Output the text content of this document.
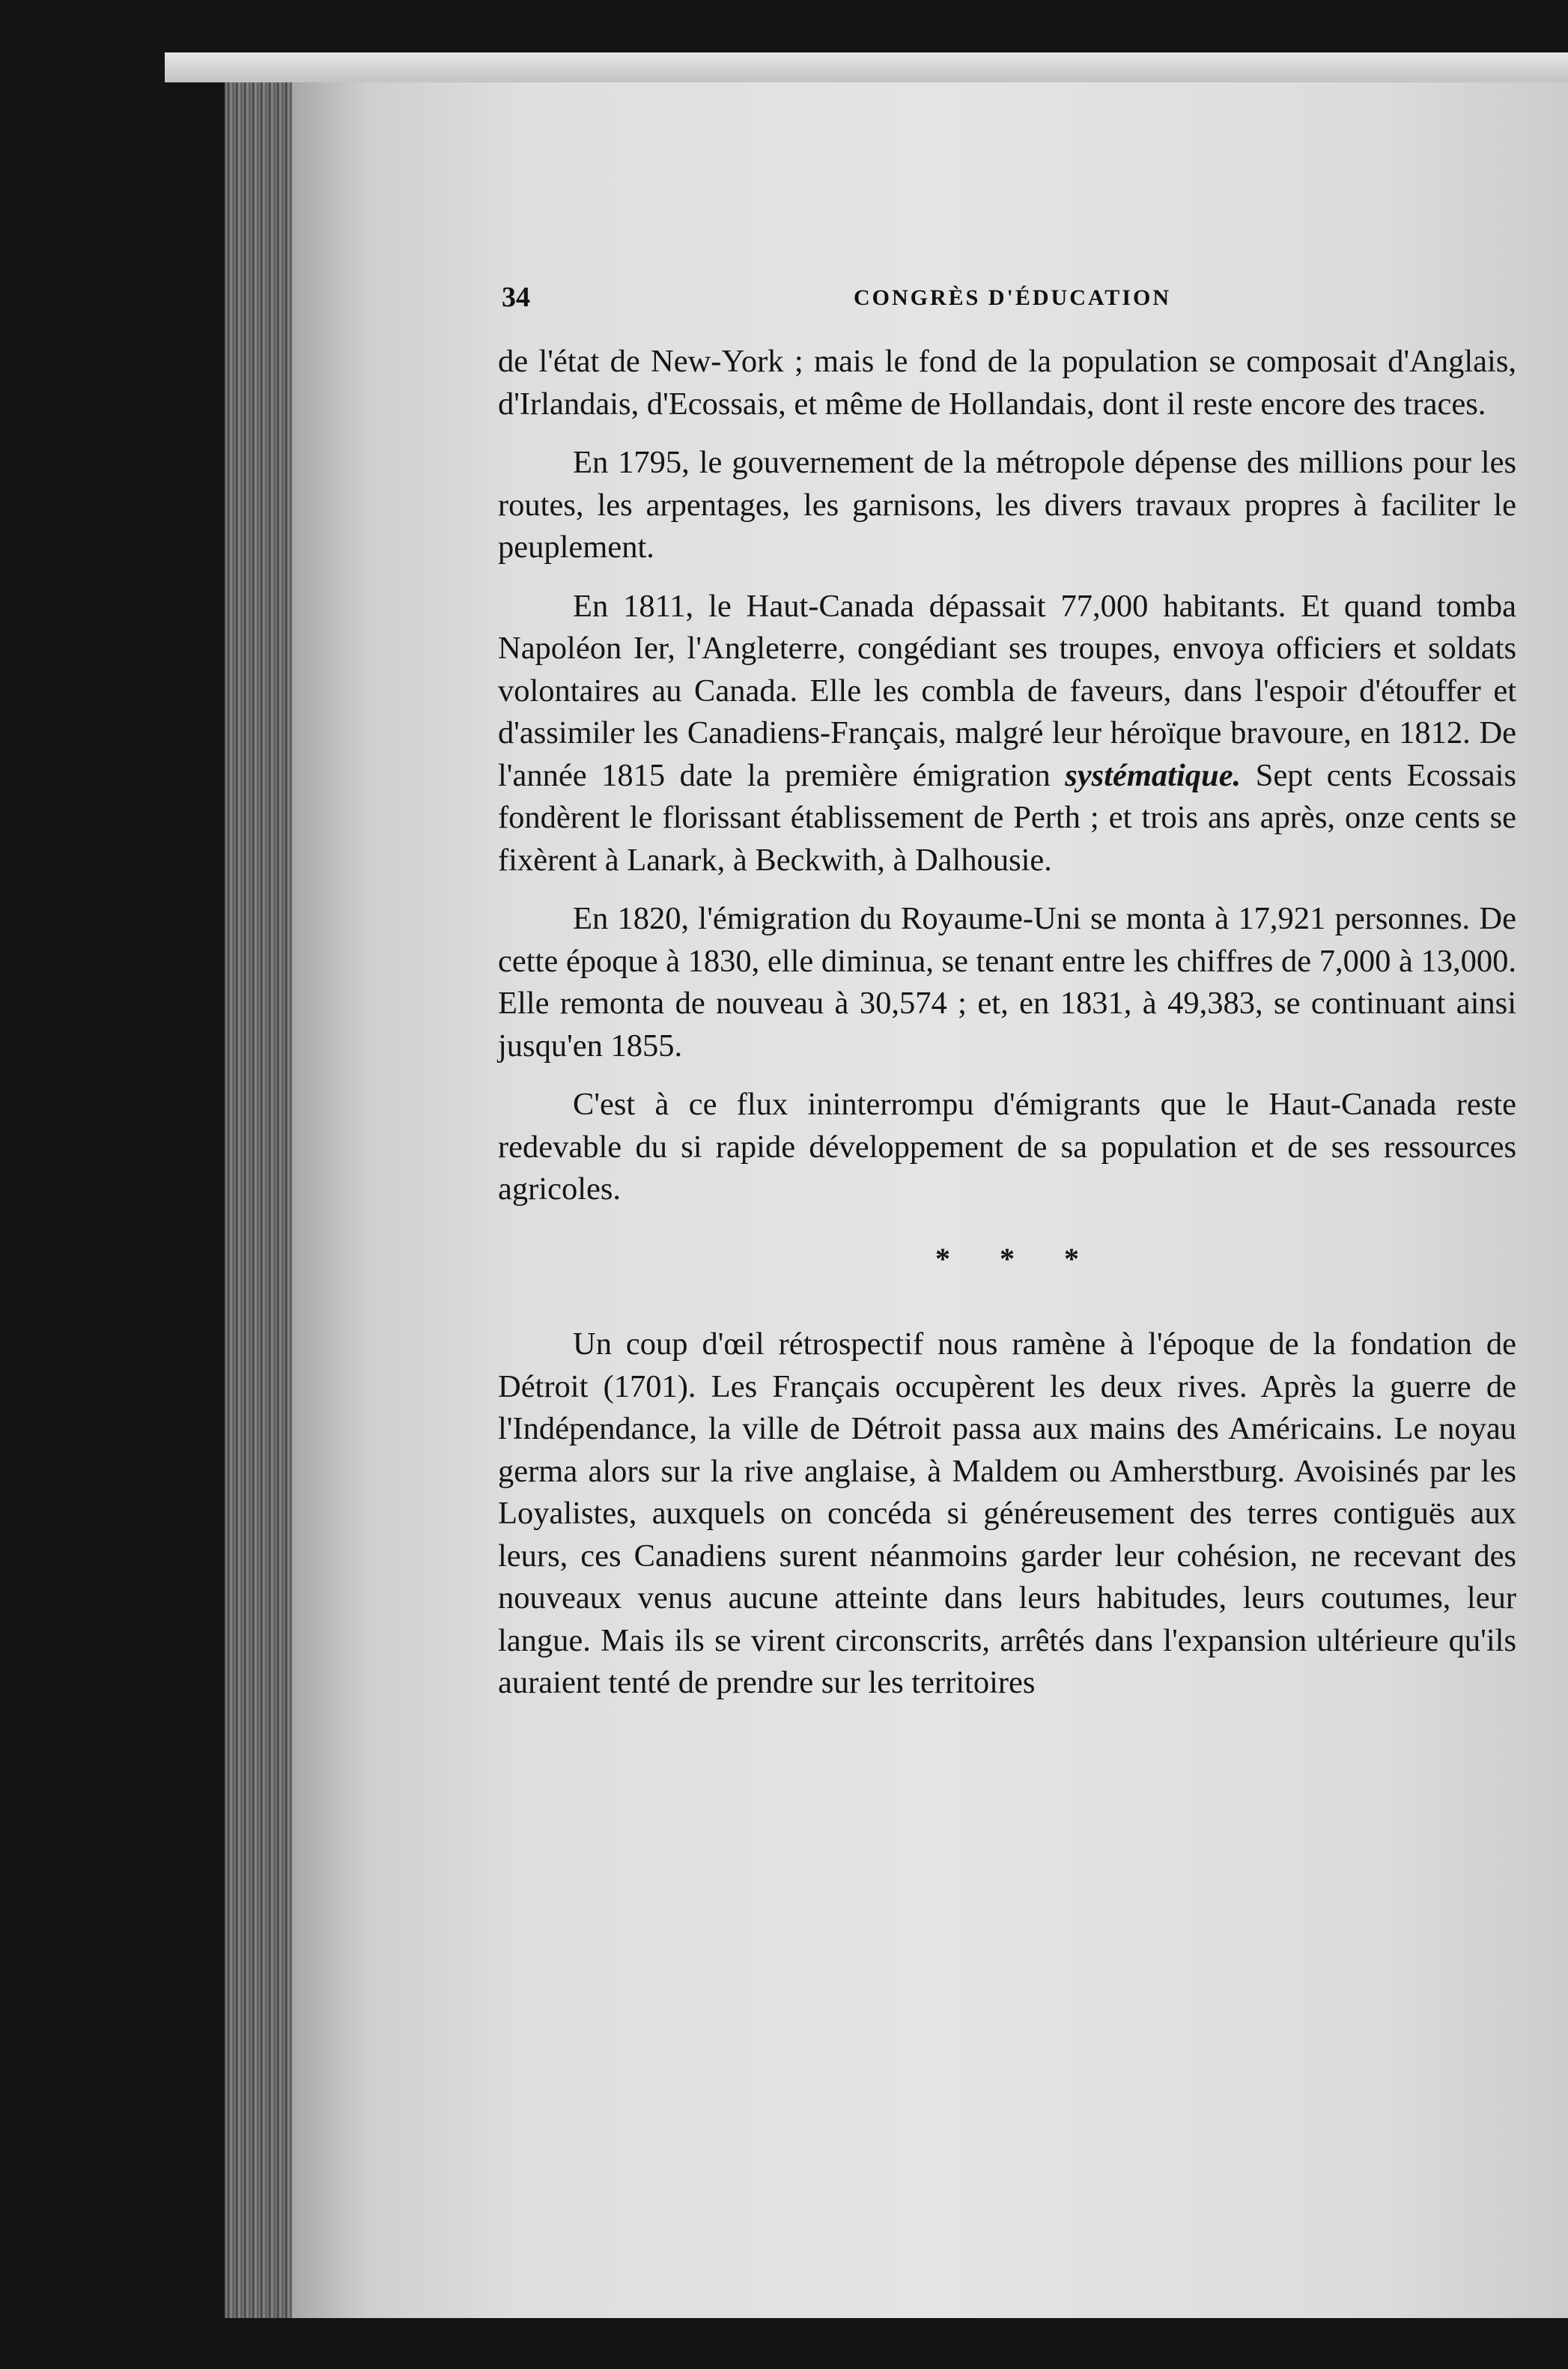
34	CONGRÈS D'ÉDUCATION

de l'état de New-York ; mais le fond de la population se composait d'Anglais, d'Irlandais, d'Ecossais, et même de Hollandais, dont il reste encore des traces.

En 1795, le gouvernement de la métropole dépense des millions pour les routes, les arpentages, les garnisons, les divers travaux propres à faciliter le peuplement.

En 1811, le Haut-Canada dépassait 77,000 habitants. Et quand tomba Napoléon Ier, l'Angleterre, congédiant ses troupes, envoya officiers et soldats volontaires au Canada. Elle les combla de faveurs, dans l'espoir d'étouffer et d'assimiler les Canadiens-Français, malgré leur héroïque bravoure, en 1812. De l'année 1815 date la première émigration systématique. Sept cents Ecossais fondèrent le florissant établissement de Perth ; et trois ans après, onze cents se fixèrent à Lanark, à Beckwith, à Dalhousie.

En 1820, l'émigration du Royaume-Uni se monta à 17,921 personnes. De cette époque à 1830, elle diminua, se tenant entre les chiffres de 7,000 à 13,000. Elle remonta de nouveau à 30,574 ; et, en 1831, à 49,383, se continuant ainsi jusqu'en 1855.

C'est à ce flux ininterrompu d'émigrants que le Haut-Canada reste redevable du si rapide développement de sa population et de ses ressources agricoles.

* * *

Un coup d'œil rétrospectif nous ramène à l'époque de la fondation de Détroit (1701). Les Français occupèrent les deux rives. Après la guerre de l'Indépendance, la ville de Détroit passa aux mains des Américains. Le noyau germa alors sur la rive anglaise, à Maldem ou Amherstburg. Avoisinés par les Loyalistes, auxquels on concéda si généreusement des terres contiguës aux leurs, ces Canadiens surent néanmoins garder leur cohésion, ne recevant des nouveaux venus aucune atteinte dans leurs habitudes, leurs coutumes, leur langue. Mais ils se virent circonscrits, arrêtés dans l'expansion ultérieure qu'ils auraient tenté de prendre sur les territoires
